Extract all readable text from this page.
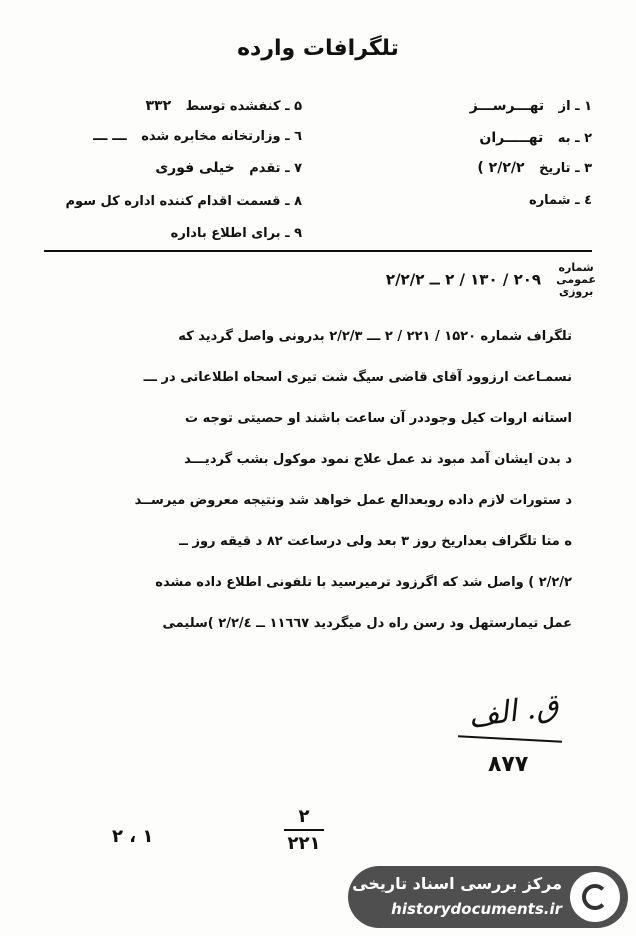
تلگرافات وارده
۱ ـ از تهـــرســـز
۲ ـ به تهـــــران
۳ ـ تاریخ ۲/۲/۲ )
٤ ـ شماره
۵ ـ کنفشده توسط ۳۳۲
٦ ـ وزارتخانه مخابره شده ـــ ـــ
۷ ـ تقدم خیلی فوری
۸ ـ قسمت اقدام کننده اداره کل سوم
۹ ـ برای اطلاع باداره
شماره
عمومی
بروزی ۲۰۹ / ۱۳۰ / ۲ ــ ۲/۲/۲
تلگراف شماره ۱۵۲۰ / ۲۲۱ / ۲ ـــ ۲/۲/۳ بدرونی واصل گردید که
نسمـاعت ارزوود آقای قاضی سیگ شت تیری اسحاه اطلاعاتی در ـــ
استانه اروات کیل وجوددر آن ساعت باشند او حصیتی توجه ت
د بدن ایشان آمد مبود ند عمل علاج نمود موکول بشب گردیـــد
د ستورات لازم داده روبعدالع عمل خواهد شد ونتیجه معروض میرســد
ه متا تلگراف بعداریخ روز ۳ بعد ولی درساعت ۸۲ د قیقه روز ــ
۲/۲/۲ ) واصل شد که اگرزود ترمیرسید با تلفونی اطلاع داده مشده
عمل تیمارستهل ود رسن راه دل میگردید ۱۱٦٦۷ ــ ۲/۲/٤ )سلیمی
ق. الف
۸۷۷
۲
۲۲۱
۲ ، ۱
مرکز بررسی اسناد تاریخی
historydocuments.ir
